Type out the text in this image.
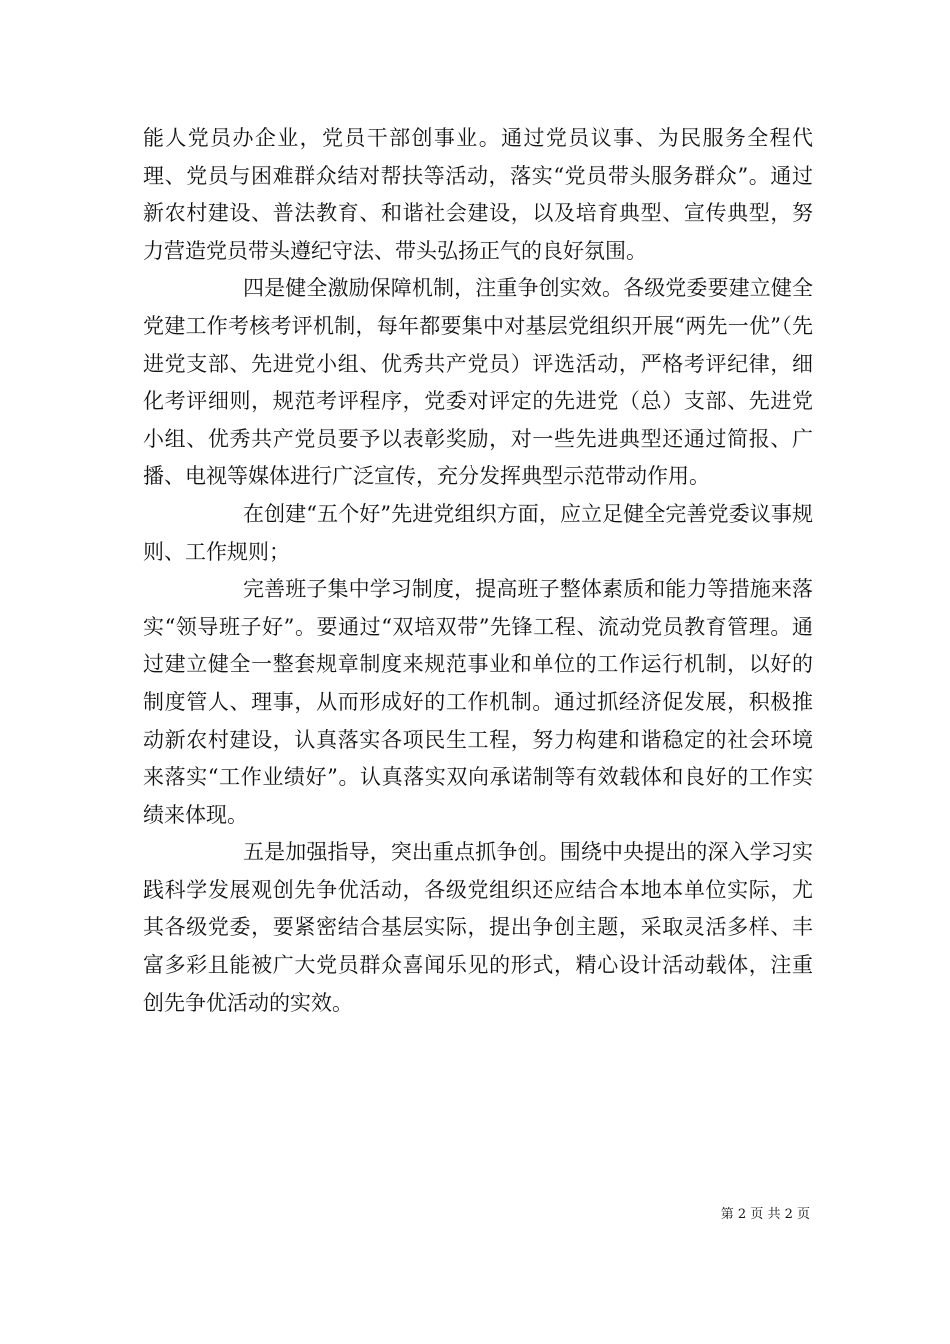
能人党员办企业，党员干部创事业。通过党员议事、为民服务全程代理、党员与困难群众结对帮扶等活动，落实“党员带头服务群众”。通过新农村建设、普法教育、和谐社会建设，以及培育典型、宣传典型，努力营造党员带头遵纪守法、带头弘扬正气的良好氛围。

四是健全激励保障机制，注重争创实效。各级党委要建立健全党建工作考核考评机制，每年都要集中对基层党组织开展“两先一优”（先进党支部、先进党小组、优秀共产党员）评选活动，严格考评纪律，细化考评细则，规范考评程序，党委对评定的先进党（总）支部、先进党小组、优秀共产党员要予以表彰奖励，对一些先进典型还通过简报、广播、电视等媒体进行广泛宣传，充分发挥典型示范带动作用。

在创建“五个好”先进党组织方面，应立足健全完善党委议事规则、工作规则；

完善班子集中学习制度，提高班子整体素质和能力等措施来落实“领导班子好”。要通过“双培双带”先锋工程、流动党员教育管理。通过建立健全一整套规章制度来规范事业和单位的工作运行机制，以好的制度管人、理事，从而形成好的工作机制。通过抓经济促发展，积极推动新农村建设，认真落实各项民生工程，努力构建和谐稳定的社会环境来落实“工作业绩好”。认真落实双向承诺制等有效载体和良好的工作实绩来体现。

五是加强指导，突出重点抓争创。围绕中央提出的深入学习实践科学发展观创先争优活动，各级党组织还应结合本地本单位实际，尤其各级党委，要紧密结合基层实际，提出争创主题，采取灵活多样、丰富多彩且能被广大党员群众喜闻乐见的形式，精心设计活动载体，注重创先争优活动的实效。

第 2 页 共 2 页
